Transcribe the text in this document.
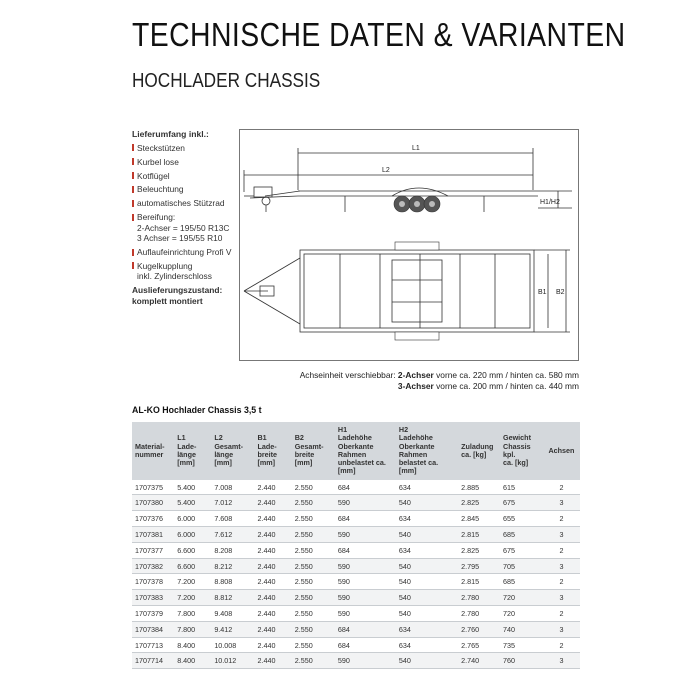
TECHNISCHE DATEN & VARIANTEN
HOCHLADER CHASSIS
Lieferumfang inkl.:
Steckstützen
Kurbel lose
Kotflügel
Beleuchtung
automatisches Stützrad
Bereifung:
2-Achser = 195/50 R13C
3 Achser = 195/55 R10
Auflaufeinrichtung Profi V
Kugelkupplung
inkl. Zylinderschloss
Auslieferungszustand:
komplett montiert
L1
L2
H1/H2
B1 B2
Achseinheit verschiebbar: 2-Achser vorne ca. 220 mm / hinten ca. 580 mm
3-Achser vorne ca. 200 mm / hinten ca. 440 mm
AL-KO Hochlader Chassis 3,5 t
Material-
nummer	L1
Lade-
länge
[mm]	L2
Gesamt-
länge
[mm]	B1
Lade-
breite
[mm]	B2
Gesamt-
breite
[mm]	H1
Ladehöhe
Oberkante Rahmen
unbelastet ca. [mm]	H2
Ladehöhe
Oberkante Rahmen
belastet ca. [mm]	Zuladung
ca. [kg]	Gewicht
Chassis kpl.
ca. [kg]	Achsen
1707375	5.400	7.008	2.440	2.550	684	634	2.885	615	2
1707380	5.400	7.012	2.440	2.550	590	540	2.825	675	3
1707376	6.000	7.608	2.440	2.550	684	634	2.845	655	2
1707381	6.000	7.612	2.440	2.550	590	540	2.815	685	3
1707377	6.600	8.208	2.440	2.550	684	634	2.825	675	2
1707382	6.600	8.212	2.440	2.550	590	540	2.795	705	3
1707378	7.200	8.808	2.440	2.550	590	540	2.815	685	2
1707383	7.200	8.812	2.440	2.550	590	540	2.780	720	3
1707379	7.800	9.408	2.440	2.550	590	540	2.780	720	2
1707384	7.800	9.412	2.440	2.550	684	634	2.760	740	3
1707713	8.400	10.008	2.440	2.550	684	634	2.765	735	2
1707714	8.400	10.012	2.440	2.550	590	540	2.740	760	3
